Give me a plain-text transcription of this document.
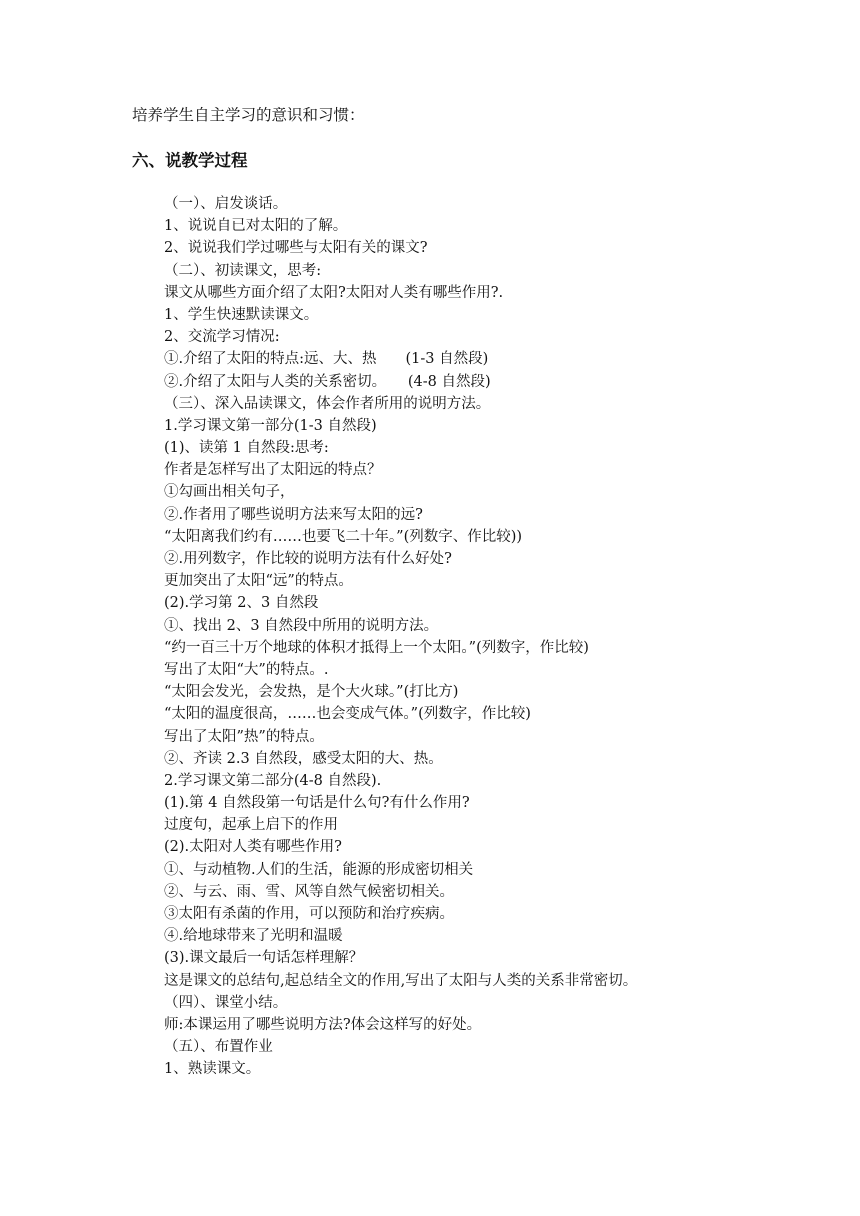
培养学生自主学习的意识和习惯：
六、说教学过程
（一）、启发谈话。
1、说说自已对太阳的了解。
2、说说我们学过哪些与太阳有关的课文?
（二）、初读课文，思考:
课文从哪些方面介绍了太阳?太阳对人类有哪些作用?.
1、学生快速默读课文。
2、交流学习情况:
①.介绍了太阳的特点:远、大、热　　(1-3 自然段)
②.介绍了太阳与人类的关系密切。　　(4-8 自然段)
（三）、深入品读课文，体会作者所用的说明方法。
1.学习课文第一部分(1-3 自然段)
(1)、读第 1 自然段:思考:
作者是怎样写出了太阳远的特点？
①勾画出相关句子，
②.作者用了哪些说明方法来写太阳的远?
“太阳离我们约有……也要飞二十年。”(列数字、作比较))
②.用列数字，作比较的说明方法有什么好处?
更加突出了太阳“远”的特点。
(2).学习第 2、3 自然段
①、找出 2、3 自然段中所用的说明方法。
“约一百三十万个地球的体积才抵得上一个太阳。”(列数字，作比较)
写出了太阳“大”的特点。.
“太阳会发光，会发热，是个大火球。”(打比方)
“太阳的温度很高，……也会变成气体。”(列数字，作比较)
写出了太阳”热”的特点。
②、齐读 2.3 自然段，感受太阳的大、热。
2.学习课文第二部分(4-8 自然段).
(1).第 4 自然段第一句话是什么句?有什么作用?
过度句，起承上启下的作用
(2).太阳对人类有哪些作用?
①、与动植物.人们的生活，能源的形成密切相关
②、与云、雨、雪、风等自然气候密切相关。
③太阳有杀菌的作用，可以预防和治疗疾病。
④.给地球带来了光明和温暖
(3).课文最后一句话怎样理解？
这是课文的总结句,起总结全文的作用,写出了太阳与人类的关系非常密切。
（四）、课堂小结。
师:本课运用了哪些说明方法?体会这样写的好处。
（五）、布置作业
1、熟读课文。
